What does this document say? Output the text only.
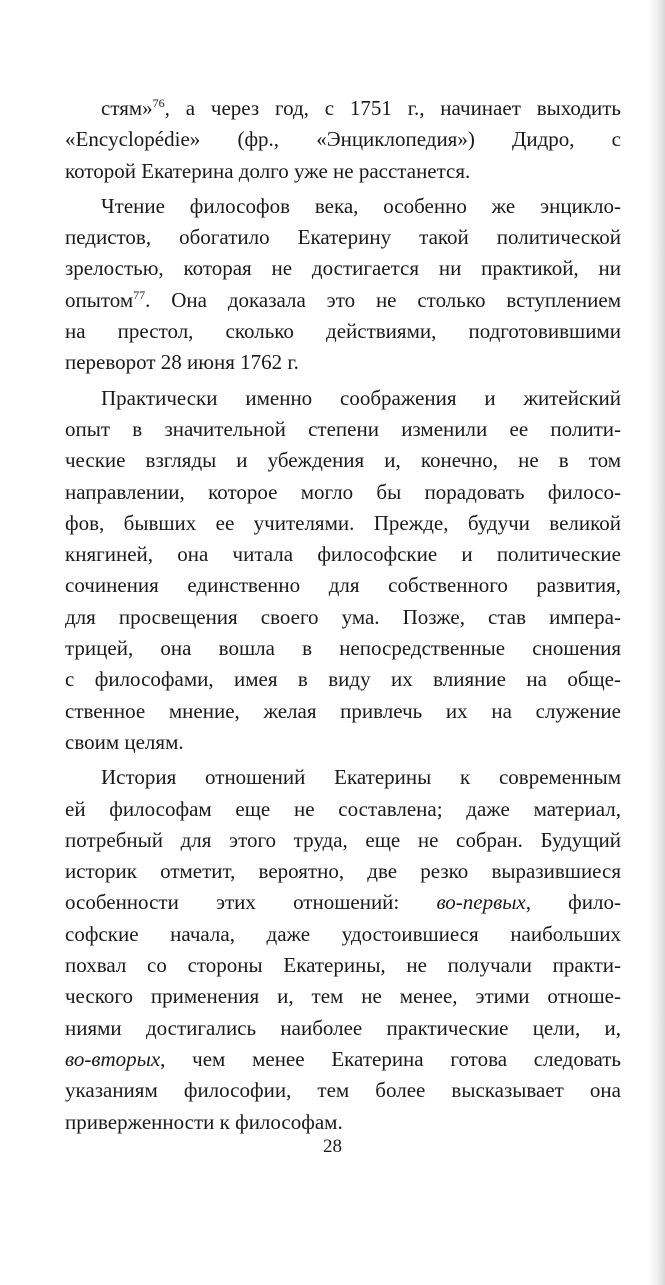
стям»$^{76}$, а через год, с 1751 г., начинает выходить
«Encyclopédie» (фр., «Энциклопедия») Дидро, с
которой Екатерина долго уже не расстанется.
Чтение философов века, особенно же энцикло-
педистов, обогатило Екатерину такой политической
зрелостью, которая не достигается ни практикой, ни
опытом$^{77}$. Она доказала это не столько вступлением
на престол, сколько действиями, подготовившими
переворот 28 июня 1762 г.
Практически именно соображения и житейский
опыт в значительной степени изменили ее полити-
ческие взгляды и убеждения и, конечно, не в том
направлении, которое могло бы порадовать филосо-
фов, бывших ее учителями. Прежде, будучи великой
княгиней, она читала философские и политические
сочинения единственно для собственного развития,
для просвещения своего ума. Позже, став импера-
трицей, она вошла в непосредственные сношения
с философами, имея в виду их влияние на обще-
ственное мнение, желая привлечь их на служение
своим целям.
История отношений Екатерины к современным
ей философам еще не составлена; даже материал,
потребный для этого труда, еще не собран. Будущий
историк отметит, вероятно, две резко выразившиеся
особенности этих отношений: во-первых, фило-
софские начала, даже удостоившиеся наибольших
похвал со стороны Екатерины, не получали практи-
ческого применения и, тем не менее, этими отноше-
ниями достигались наиболее практические цели, и,
во-вторых, чем менее Екатерина готова следовать
указаниям философии, тем более высказывает она
приверженности к философам.
28
